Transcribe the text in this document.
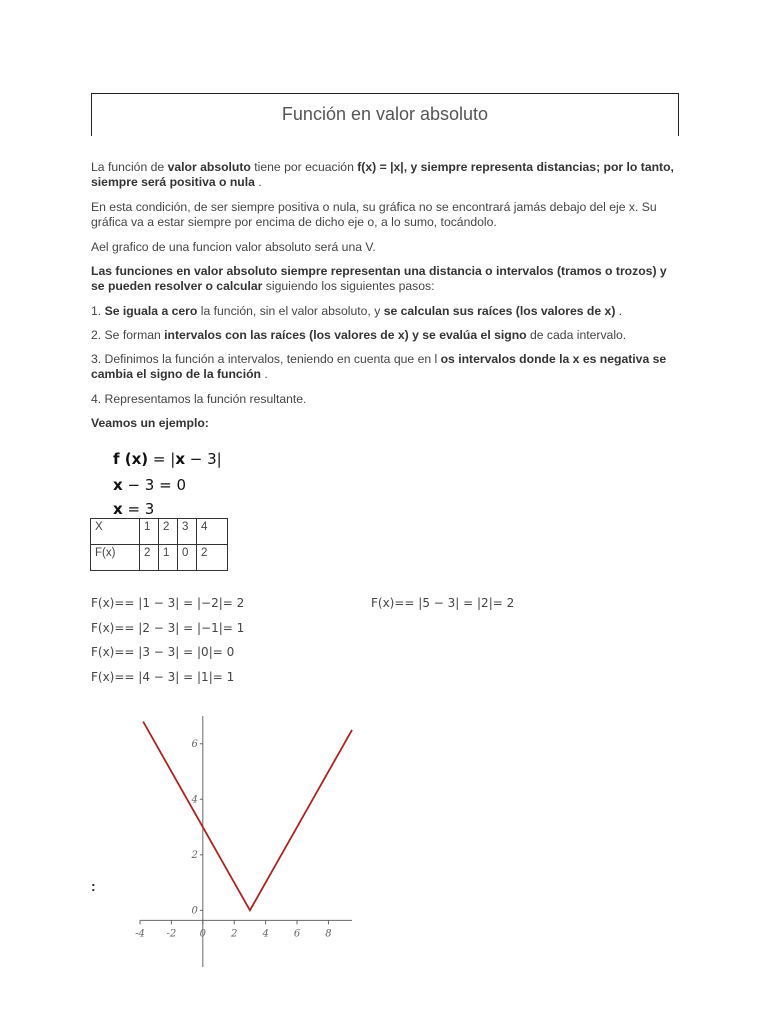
Función en valor absoluto

La función de valor absoluto tiene por ecuación f(x) = |x|, y siempre representa distancias; por lo tanto, siempre será positiva o nula .

En esta condición, de ser siempre positiva o nula, su gráfica no se encontrará jamás debajo del eje x. Su gráfica va a estar siempre por encima de dicho eje o, a lo sumo, tocándolo.

Ael grafico de una funcion valor absoluto será una V.

Las funciones en valor absoluto siempre representan una distancia o intervalos (tramos o trozos) y se pueden resolver o calcular siguiendo los siguientes pasos:

1. Se iguala a cero la función, sin el valor absoluto, y se calculan sus raíces (los valores de x) .

2. Se forman intervalos con las raíces (los valores de x) y se evalúa el signo de cada intervalo.

3. Definimos la función a intervalos, teniendo en cuenta que en l os intervalos donde la x es negativa se cambia el signo de la función .

4. Representamos la función resultante.

Veamos un ejemplo:

f (x) = |x − 3|
x − 3 = 0
x = 3
X	1	2	3	4
F(x)	2	1	0	2
F(x)== |1 − 3| = |−2|= 2
F(x)== |2 − 3| = |−1|= 1
F(x)== |3 − 3| = |0|= 0
F(x)== |4 − 3| = |1|= 1
F(x)== |5 − 3| = |2|= 2
:
-4 -2 0	2	4	6	8
0
2
4
6
